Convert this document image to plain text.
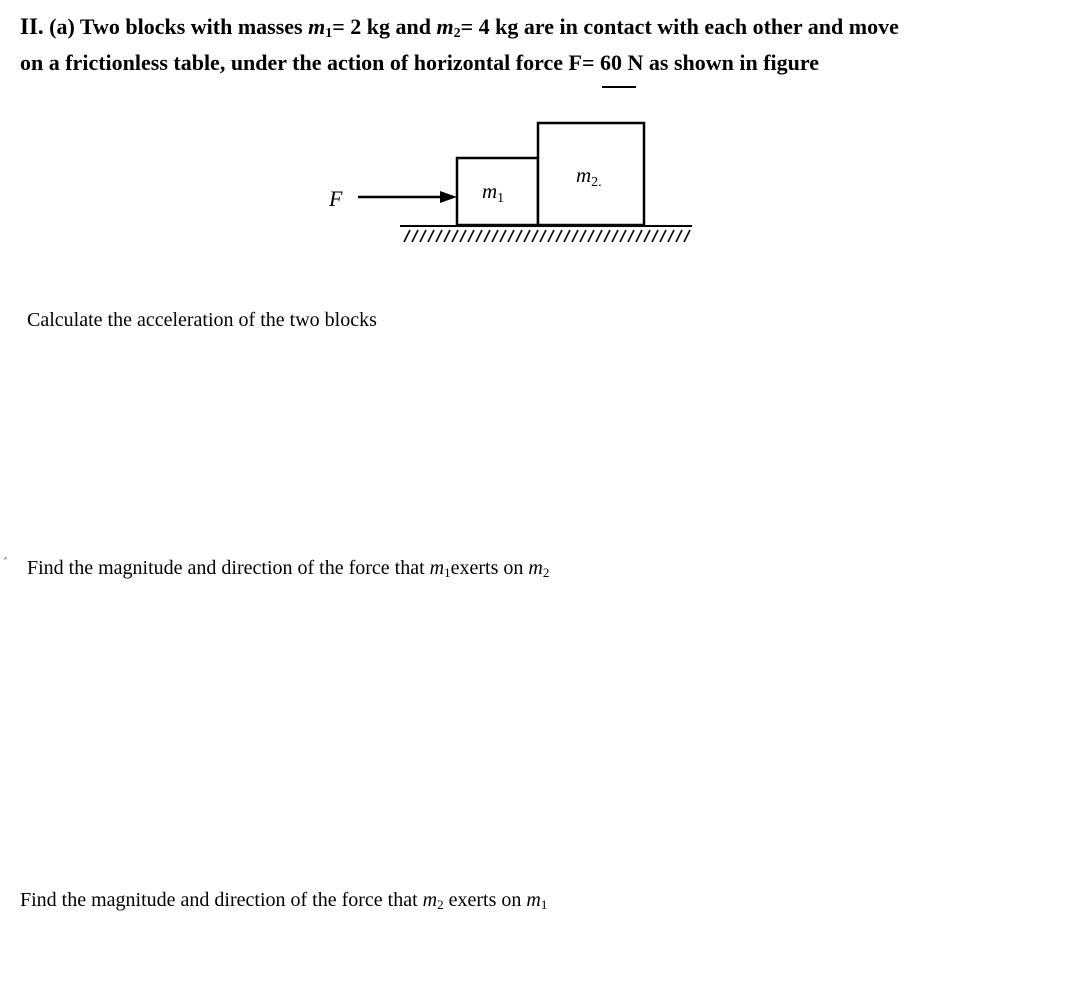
II. (a) Two blocks with masses $m_1= 2$ kg and $m_2= 4$ kg are in contact with each other and move
on a frictionless table, under the action of horizontal force F= 60 N as shown in figure
F	m1
m2.
Calculate the acceleration of the two blocks
ˊ Find the magnitude and direction of the force that $m_1exerts$ on $m_2$
Find the magnitude and direction of the force that $m_2$ exerts on $m_1$
